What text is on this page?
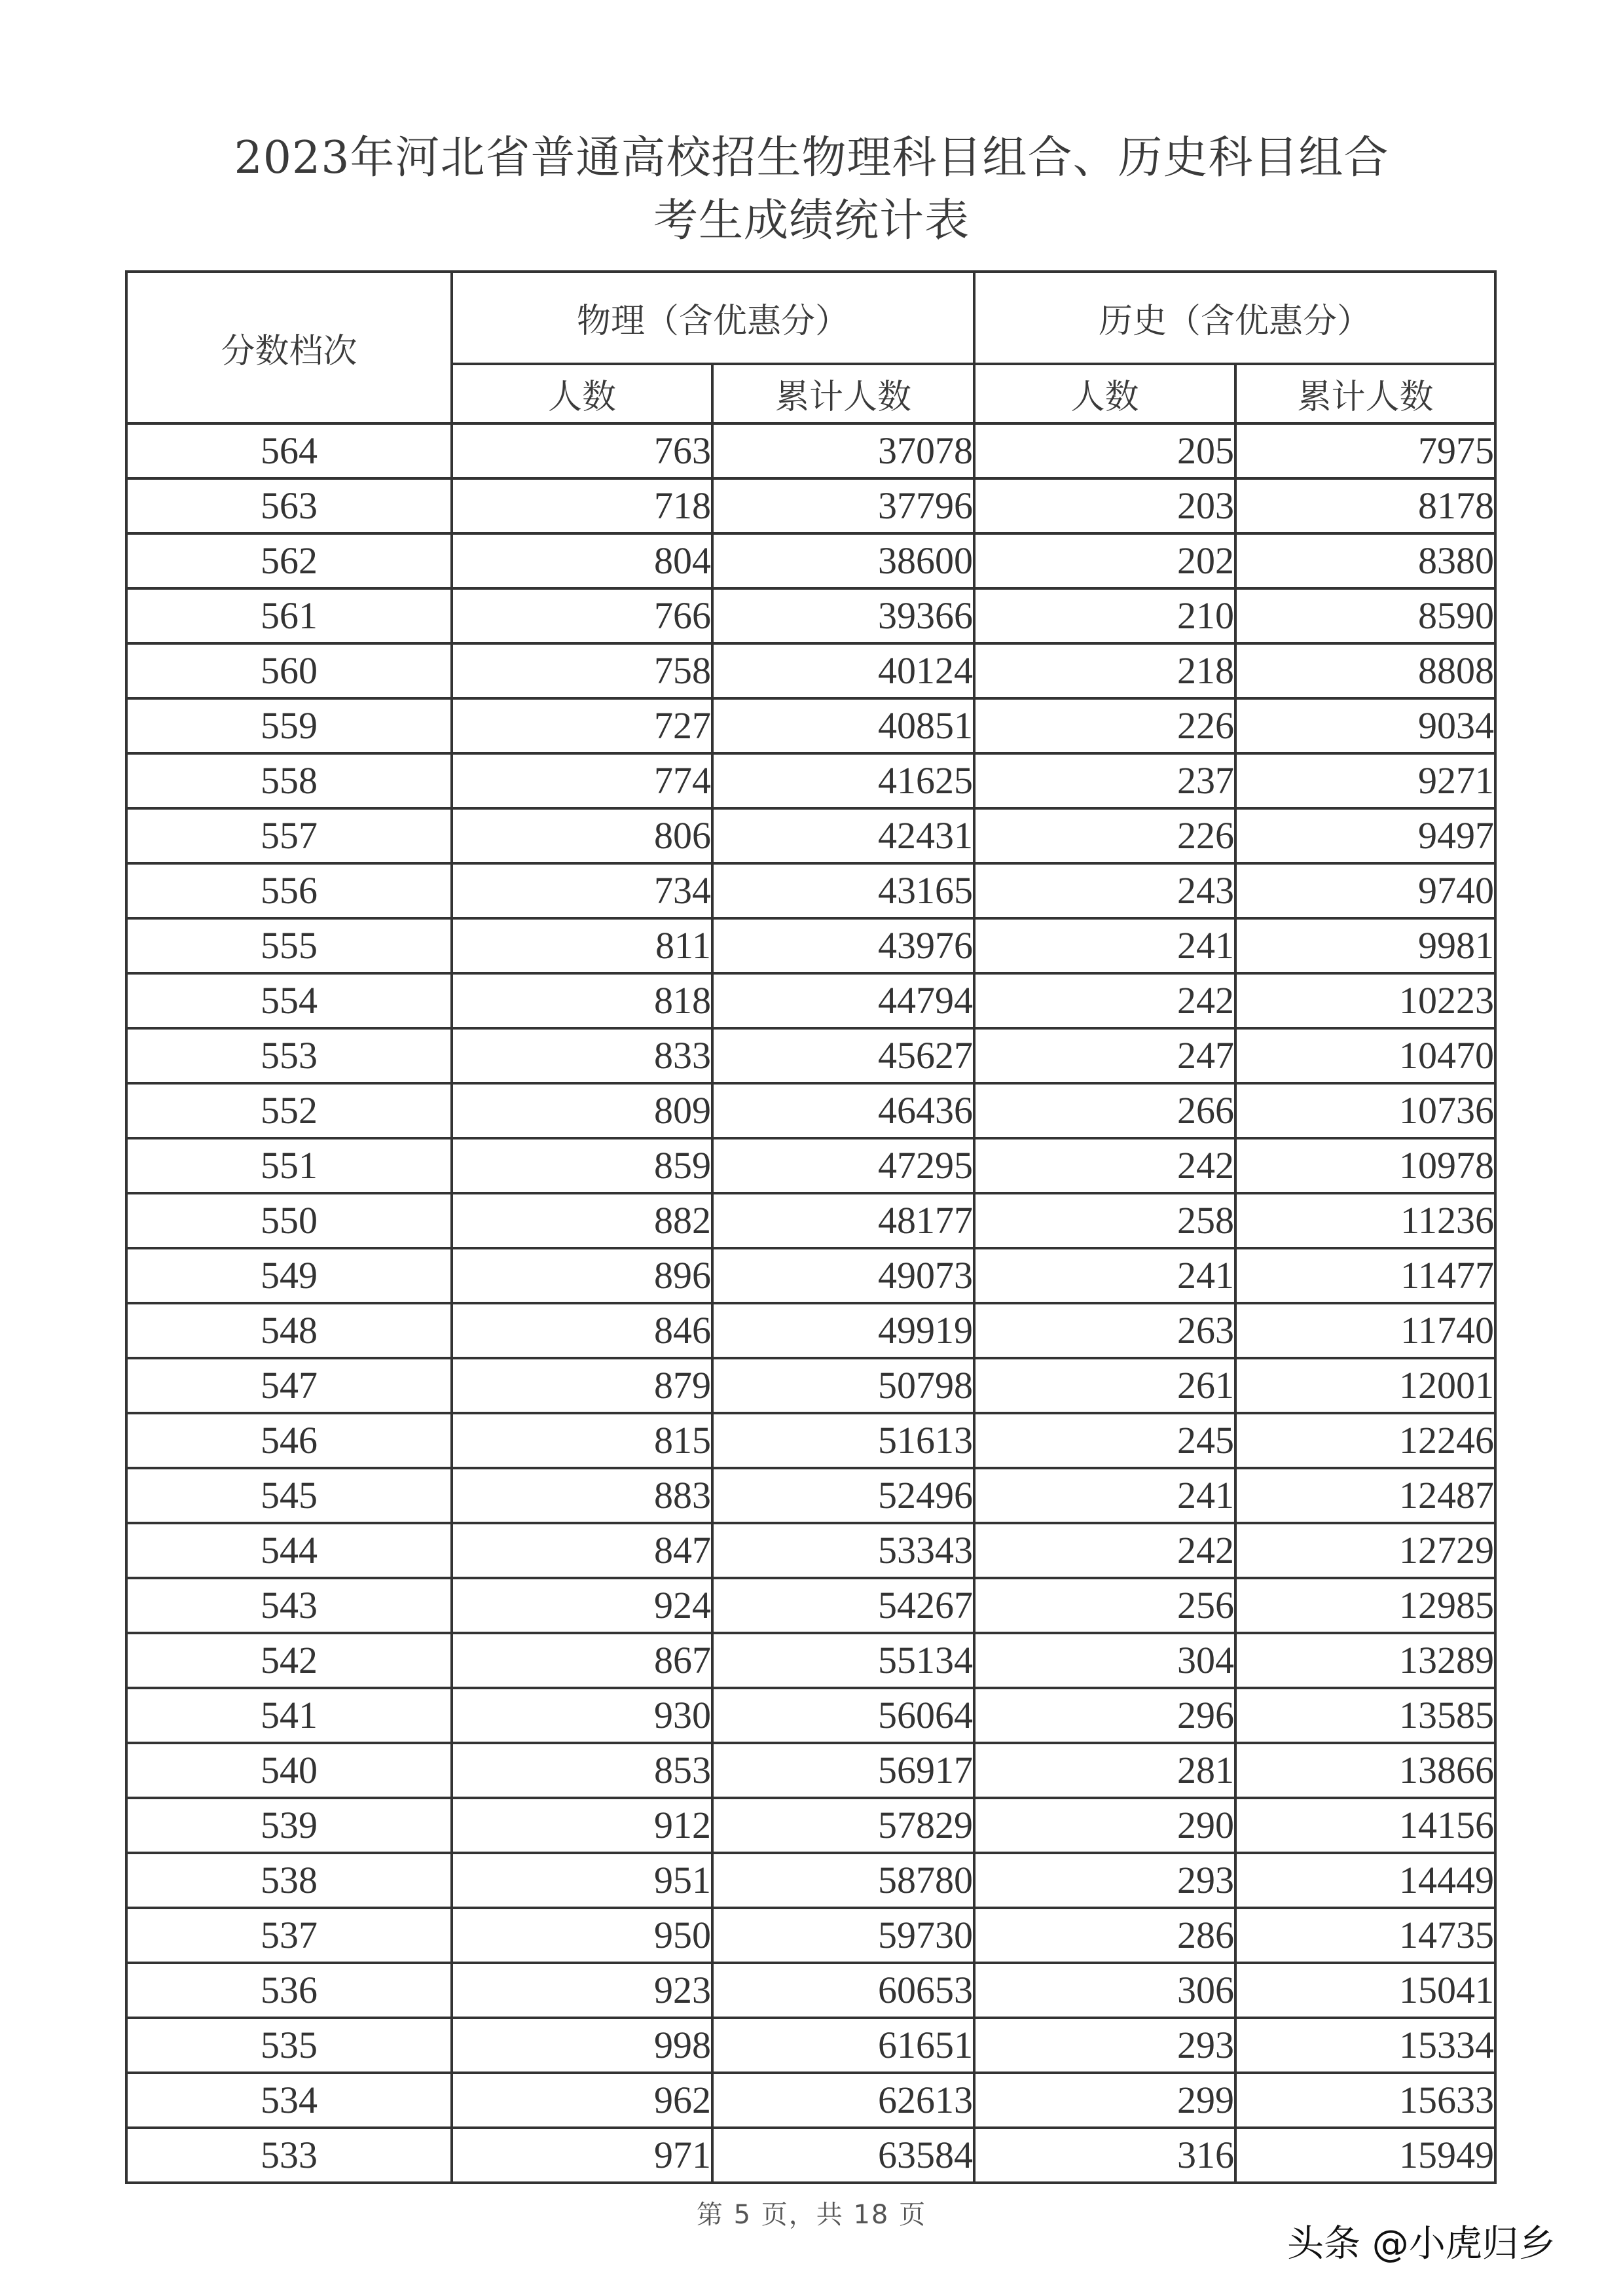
2023年河北省普通高校招生物理科目组合、历史科目组合
考生成绩统计表
分数档次	物理（含优惠分）		历史（含优惠分）	
	人数	累计人数	人数	累计人数
564	763	37078	205	7975
563	718	37796	203	8178
562	804	38600	202	8380
561	766	39366	210	8590
560	758	40124	218	8808
559	727	40851	226	9034
558	774	41625	237	9271
557	806	42431	226	9497
556	734	43165	243	9740
555	811	43976	241	9981
554	818	44794	242	10223
553	833	45627	247	10470
552	809	46436	266	10736
551	859	47295	242	10978
550	882	48177	258	11236
549	896	49073	241	11477
548	846	49919	263	11740
547	879	50798	261	12001
546	815	51613	245	12246
545	883	52496	241	12487
544	847	53343	242	12729
543	924	54267	256	12985
542	867	55134	304	13289
541	930	56064	296	13585
540	853	56917	281	13866
539	912	57829	290	14156
538	951	58780	293	14449
537	950	59730	286	14735
536	923	60653	306	15041
535	998	61651	293	15334
534	962	62613	299	15633
533	971	63584	316	15949
第 5 页，共 18 页
头条 @小虎归乡
